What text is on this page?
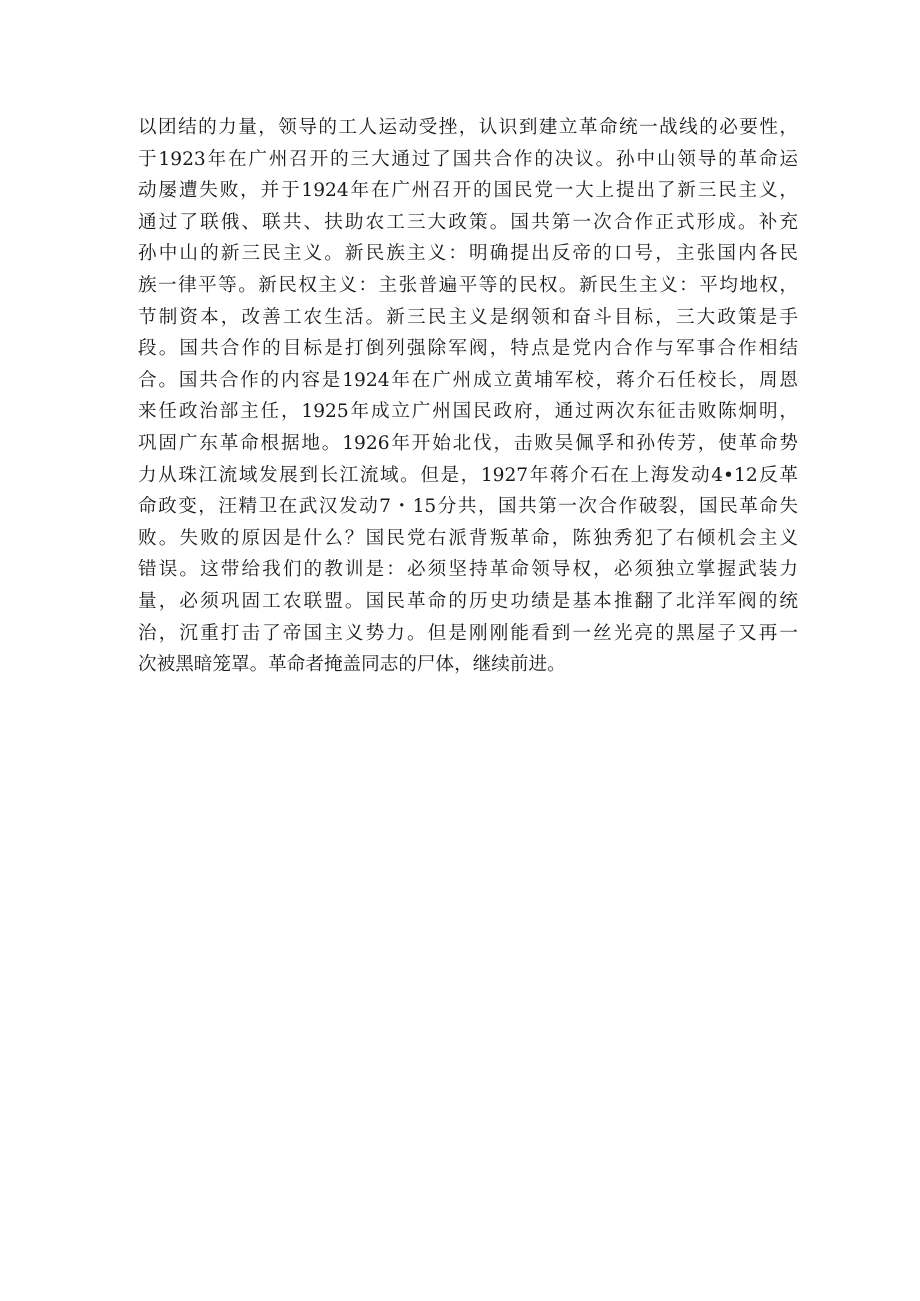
以团结的力量，领导的工人运动受挫，认识到建立革命统一战线的必要性，
于1923年在广州召开的三大通过了国共合作的决议。孙中山领导的革命运
动屡遭失败，并于1924年在广州召开的国民党一大上提出了新三民主义，
通过了联俄、联共、扶助农工三大政策。国共第一次合作正式形成。补充
孙中山的新三民主义。新民族主义：明确提出反帝的口号，主张国内各民
族一律平等。新民权主义：主张普遍平等的民权。新民生主义：平均地权，
节制资本，改善工农生活。新三民主义是纲领和奋斗目标，三大政策是手
段。国共合作的目标是打倒列强除军阀，特点是党内合作与军事合作相结
合。国共合作的内容是1924年在广州成立黄埔军校，蒋介石任校长，周恩
来任政治部主任，1925年成立广州国民政府，通过两次东征击败陈炯明，
巩固广东革命根据地。1926年开始北伐，击败吴佩孚和孙传芳，使革命势
力从珠江流域发展到长江流域。但是，1927年蒋介石在上海发动4•12反革
命政变，汪精卫在武汉发动7・15分共，国共第一次合作破裂，国民革命失
败。失败的原因是什么？国民党右派背叛革命，陈独秀犯了右倾机会主义
错误。这带给我们的教训是：必须坚持革命领导权，必须独立掌握武装力
量，必须巩固工农联盟。国民革命的历史功绩是基本推翻了北洋军阀的统
治，沉重打击了帝国主义势力。但是刚刚能看到一丝光亮的黑屋子又再一
次被黑暗笼罩。革命者掩盖同志的尸体，继续前进。
